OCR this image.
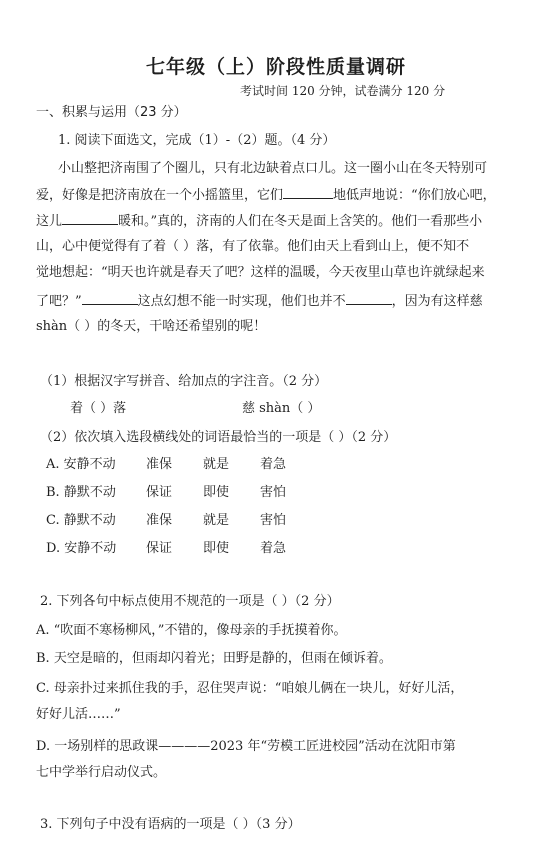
七年级（上）阶段性质量调研
考试时间 120 分钟，试卷满分 120 分
一、积累与运用（23 分）
1. 阅读下面选文，完成（1）-（2）题。（4 分）
小山整把济南围了个圈儿，只有北边缺着点口儿。这一圈小山在冬天特别可
爱，好像是把济南放在一个小摇篮里，它们	地低声地说：“你们放心吧，
这儿	暖和。”真的，济南的人们在冬天是面上含笑的。他们一看那些小
山，心中便觉得有了着（ ）落，有了依靠。他们由天上看到山上，便不知不
觉地想起：“明天也许就是春天了吧？这样的温暖，今天夜里山草也许就绿起来
了吧？”	这点幻想不能一时实现，他们也并不	，因为有这样慈
shàn（ ）的冬天，干啥还希望别的呢！
（1）根据汉字写拼音、给加点的字注音。（2 分）
着（ ）落	慈 shàn（ ）
（2）依次填入选段横线处的词语最恰当的一项是（ ）（2 分）
A. 安静不动 准保 就是 着急
B. 静默不动 保证 即使 害怕
C. 静默不动 准保 就是 害怕
D. 安静不动 保证 即使 着急
2. 下列各句中标点使用不规范的一项是（ ）（2 分）
A. “吹面不寒杨柳风，”不错的，像母亲的手抚摸着你。
B. 天空是暗的，但雨却闪着光；田野是静的，但雨在倾诉着。
C. 母亲扑过来抓住我的手，忍住哭声说：“咱娘儿俩在一块儿，好好儿活，
好好儿活……”
D. 一场别样的思政课————2023 年“劳模工匠进校园”活动在沈阳市第
七中学举行启动仪式。
3. 下列句子中没有语病的一项是（ ）（3 分）
